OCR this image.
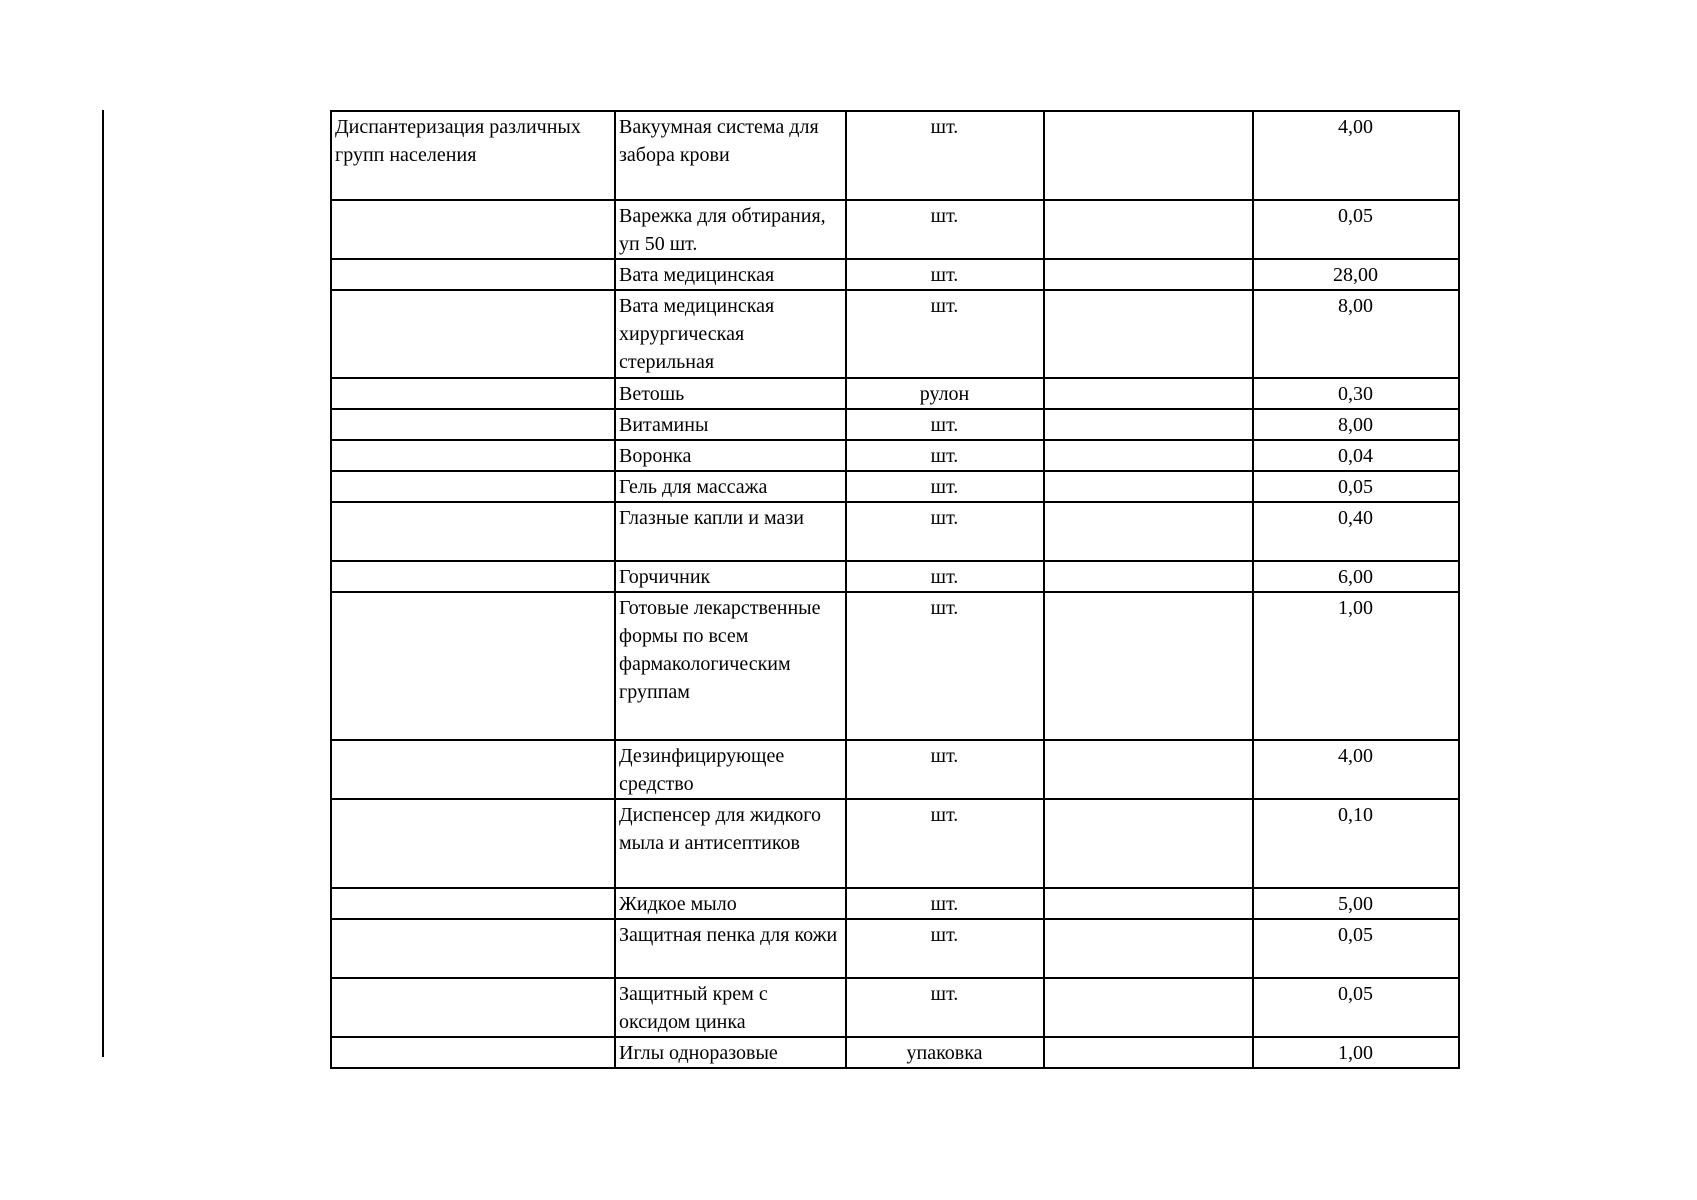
Диспантеризация различных групп населения	Вакуумная система для забора крови	шт.		4,00
	Варежка для обтирания, уп 50 шт.	шт.		0,05
	Вата медицинская	шт.		28,00
	Вата медицинская хирургическая стерильная	шт.		8,00
	Ветошь	рулон		0,30
	Витамины	шт.		8,00
	Воронка	шт.		0,04
	Гель для массажа	шт.		0,05
	Глазные капли и мази	шт.		0,40
	Горчичник	шт.		6,00
	Готовые лекарственные формы по всем фармакологическим группам	шт.		1,00
	Дезинфицирующее средство	шт.		4,00
	Диспенсер для жидкого мыла и антисептиков	шт.		0,10
	Жидкое мыло	шт.		5,00
	Защитная пенка для кожи	шт.		0,05
	Защитный крем с оксидом цинка	шт.		0,05
	Иглы одноразовые	упаковка		1,00
